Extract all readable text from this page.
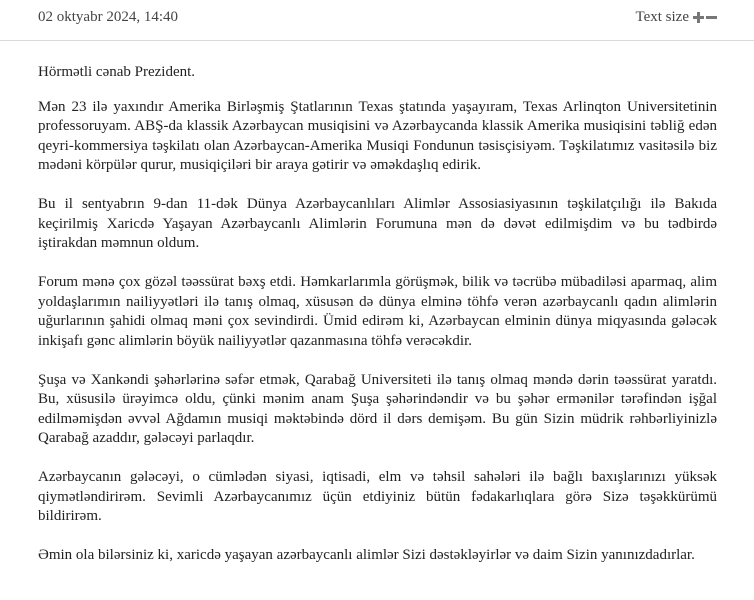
02 oktyabr 2024, 14:40	Text size

Hörmətli cənab Prezident.

Mən 23 ilə yaxındır Amerika Birləşmiş Ştatlarının Texas ştatında yaşayıram, Texas Arlinqton Universitetinin professoruyam. ABŞ-da klassik Azərbaycan musiqisini və Azərbaycanda klassik Amerika musiqisini təbliğ edən qeyri-kommersiya təşkilatı olan Azərbaycan-Amerika Musiqi Fondunun təsisçisiyəm. Təşkilatımız vasitəsilə biz mədəni körpülər qurur, musiqiçiləri bir araya gətirir və əməkdaşlıq edirik.

Bu il sentyabrın 9-dan 11-dək Dünya Azərbaycanlıları Alimlər Assosiasiyasının təşkilatçılığı ilə Bakıda keçirilmiş Xaricdə Yaşayan Azərbaycanlı Alimlərin Forumuna mən də dəvət edilmişdim və bu tədbirdə iştirakdan məmnun oldum.

Forum mənə çox gözəl təəssürat bəxş etdi. Həmkarlarımla görüşmək, bilik və təcrübə mübadiləsi aparmaq, alim yoldaşlarımın nailiyyətləri ilə tanış olmaq, xüsusən də dünya elminə töhfə verən azərbaycanlı qadın alimlərin uğurlarının şahidi olmaq məni çox sevindirdi. Ümid edirəm ki, Azərbaycan elminin dünya miqyasında gələcək inkişafı gənc alimlərin böyük nailiyyətlər qazanmasına töhfə verəcəkdir.

Şuşa və Xankəndi şəhərlərinə səfər etmək, Qarabağ Universiteti ilə tanış olmaq məndə dərin təəssürat yaratdı. Bu, xüsusilə ürəyimcə oldu, çünki mənim anam Şuşa şəhərindəndir və bu şəhər ermənilər tərəfindən işğal edilməmişdən əvvəl Ağdamın musiqi məktəbində dörd il dərs demişəm. Bu gün Sizin müdrik rəhbərliyinizlə Qarabağ azaddır, gələcəyi parlaqdır.

Azərbaycanın gələcəyi, o cümlədən siyasi, iqtisadi, elm və təhsil sahələri ilə bağlı baxışlarınızı yüksək qiymətləndirirəm. Sevimli Azərbaycanımız üçün etdiyiniz bütün fədakarlıqlara görə Sizə təşəkkürümü bildirirəm.

Əmin ola bilərsiniz ki, xaricdə yaşayan azərbaycanlı alimlər Sizi dəstəkləyirlər və daim Sizin yanınızdadırlar.
